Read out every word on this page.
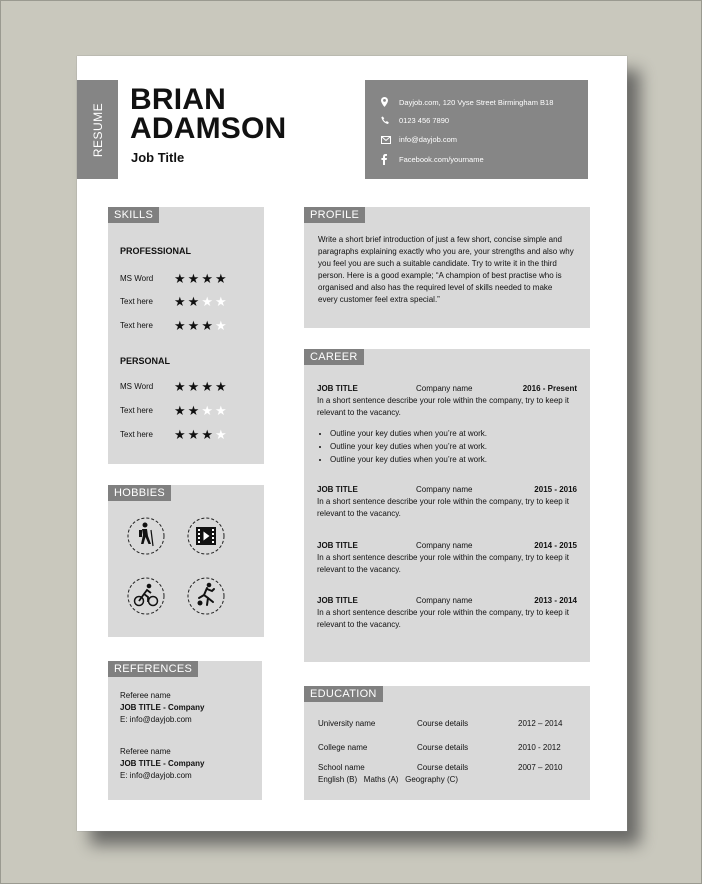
RESUME
BRIAN
ADAMSON
Job Title
Dayjob.com, 120 Vyse Street Birmingham B18
0123 456 7890
info@dayjob.com
Facebook.com/yourname
SKILLS
PROFESSIONAL
MS Word ★★★★
Text here ★★★★
Text here ★★★★
PERSONAL
MS Word ★★★★
Text here ★★★★
Text here ★★★★
HOBBIES
REFERENCES
Referee name
JOB TITLE - Company
E: info@dayjob.com
Referee name
JOB TITLE - Company
E: info@dayjob.com
PROFILE
Write a short brief introduction of just a few short, concise simple and paragraphs explaining exactly who you are, your strengths and also why you feel you are such a suitable candidate. Try to write it in the third person. Here is a good example; “A champion of best practise who is organised and also has the required level of skills needed to make every customer feel extra special.”
CAREER
JOB TITLE	Company name	2016 - Present
In a short sentence describe your role within the company, try to keep it relevant to the vacancy.
• Outline your key duties when you’re at work.
• Outline your key duties when you’re at work.
• Outline your key duties when you’re at work.
JOB TITLE	Company name	2015 - 2016
In a short sentence describe your role within the company, try to keep it relevant to the vacancy.
JOB TITLE	Company name	2014 - 2015
In a short sentence describe your role within the company, try to keep it relevant to the vacancy.
JOB TITLE	Company name	2013 - 2014
In a short sentence describe your role within the company, try to keep it relevant to the vacancy.
EDUCATION
University name	Course details	2012 – 2014
College name	Course details	2010 - 2012
School name	Course details	2007 – 2010
English (B)   Maths (A)   Geography (C)
